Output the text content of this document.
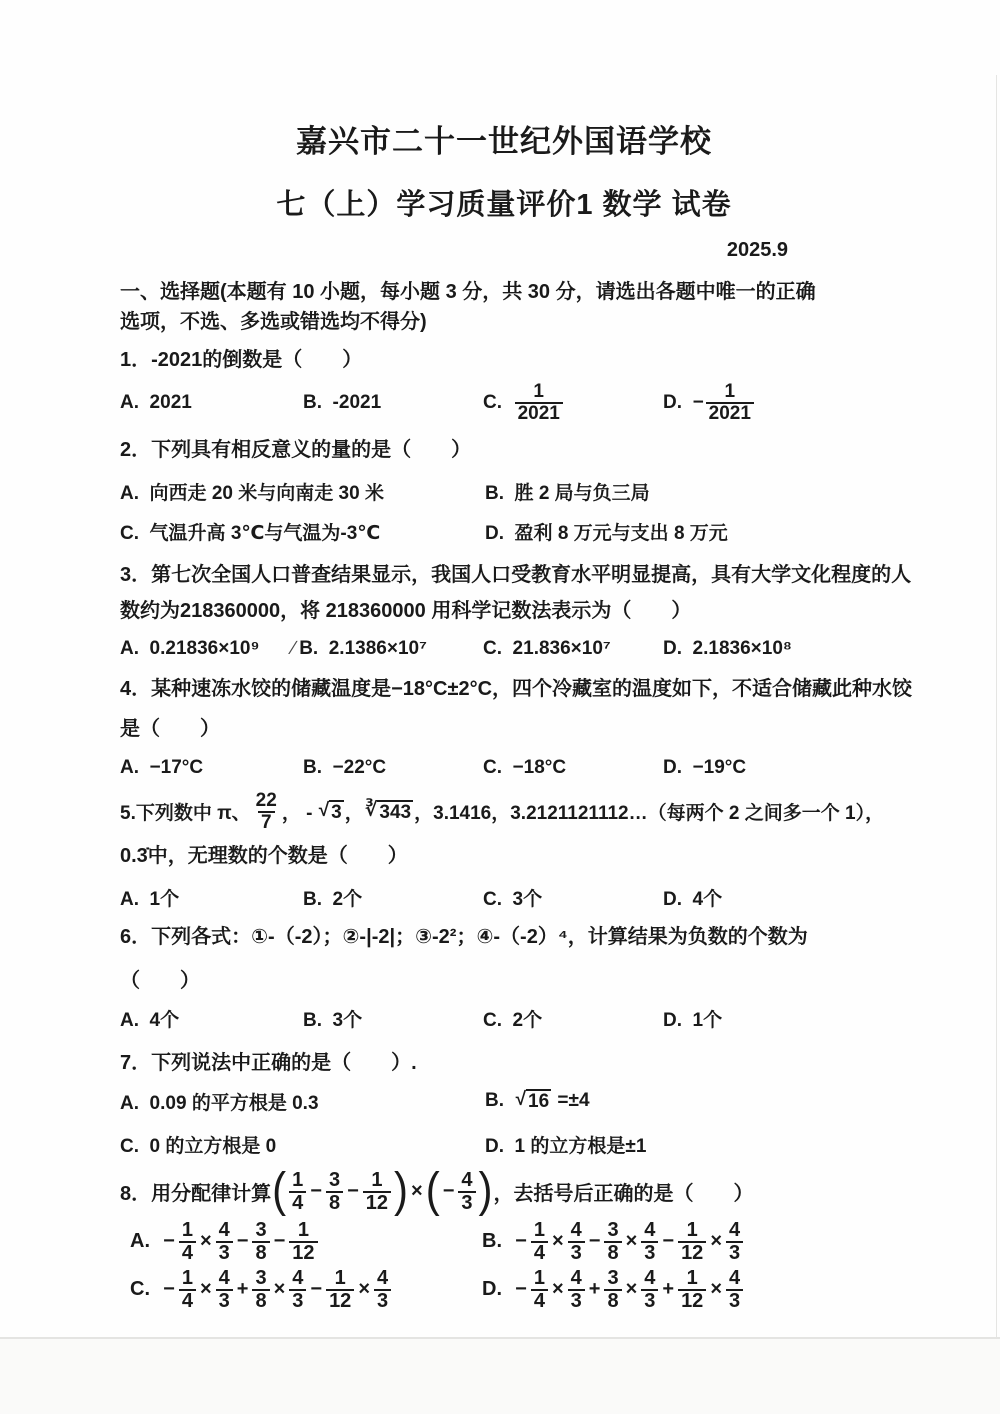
嘉兴市二十一世纪外国语学校
七（上）学习质量评价1 数学 试卷
2025.9
一、选择题(本题有 10 小题，每小题 3 分，共 30 分，请选出各题中唯一的正确
选项，不选、多选或错选均不得分)
1．-2021的倒数是（　　）
A.  2021	B.  -2021	C. $\frac{1}{2021}$	D. − $\frac{1}{2021}$
2．下列具有相反意义的量的是（　　）
A.  向西走 20 米与向南走 30 米	B.  胜 2 局与负三局
C.  气温升高 3℃与气温为-3℃	D.  盈利 8 万元与支出 8 万元
3．第七次全国人口普查结果显示，我国人口受教育水平明显提高，具有大学文化程度的人
数约为218360000，将 218360000 用科学记数法表示为（　　）
A.  0.21836×10⁹	∕ B.  2.1386×10⁷	C.  21.836×10⁷	D.  2.1836×10⁸
4．某种速冻水饺的储藏温度是−18°C±2°C，四个冷藏室的温度如下，不适合储藏此种水饺
是（　　）
A.  −17°C	B.  −22°C	C.  −18°C	D.  −19°C
5.下列数中 π、 $\frac{22}{7}$ ， - √ 3 ， ∛ 343 ，3.1416，3.2121121112…（每两个 2 之间多一个 1），
0.3̇中，无理数的个数是（　　）
A.  1个	B.  2个	C.  3个	D.  4个
6．下列各式：①-（-2）；②-|-2|；③-2²；④-（-2）⁴，计算结果为负数的个数为
（　　）
A.  4个	B.  3个	C.  2个	D.  1个
7．下列说法中正确的是（　　）.
A.  0.09 的平方根是 0.3	B. √ 16 =±4
C.  0 的立方根是 0	D.  1 的立方根是±1
8．用分配律计算 ( $\frac{1}{4} - \frac{3}{8} - \frac{1}{12}$ ) × ( − $\frac{4}{3}$ ) ，去括号后正确的是（　　）
A. − $\frac{1}{4} \times \frac{4}{3} - \frac{3}{8} - \frac{1}{12}$	B. − $\frac{1}{4} \times \frac{4}{3} - \frac{3}{8} \times \frac{4}{3} - \frac{1}{12} \times \frac{4}{3}$
C. − $\frac{1}{4} \times \frac{4}{3} + \frac{3}{8} \times \frac{4}{3} - \frac{1}{12} \times \frac{4}{3}$	D. − $\frac{1}{4} \times \frac{4}{3} + \frac{3}{8} \times \frac{4}{3} + \frac{1}{12} \times \frac{4}{3}$
